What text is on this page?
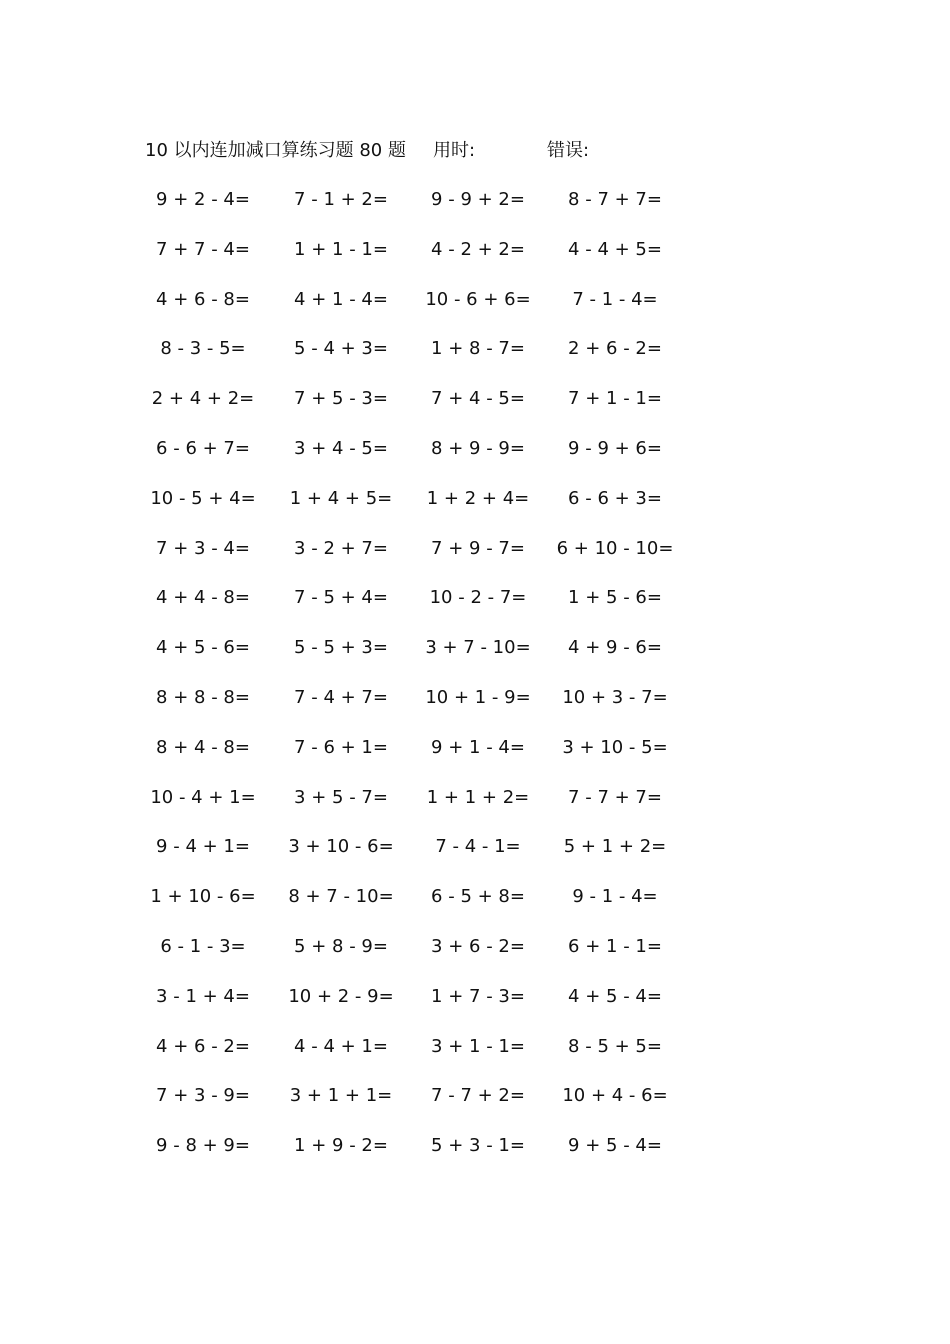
10 以内连加减口算练习题 80 题 用时:	错误:
9 + 2 - 4=	7 - 1 + 2=	9 - 9 + 2=	8 - 7 + 7=
7 + 7 - 4=	1 + 1 - 1=	4 - 2 + 2=	4 - 4 + 5=
4 + 6 - 8=	4 + 1 - 4=	10 - 6 + 6=	7 - 1 - 4=
8 - 3 - 5=	5 - 4 + 3=	1 + 8 - 7=	2 + 6 - 2=
2 + 4 + 2=	7 + 5 - 3=	7 + 4 - 5=	7 + 1 - 1=
6 - 6 + 7=	3 + 4 - 5=	8 + 9 - 9=	9 - 9 + 6=
10 - 5 + 4=	1 + 4 + 5=	1 + 2 + 4=	6 - 6 + 3=
7 + 3 - 4=	3 - 2 + 7=	7 + 9 - 7=	6 + 10 - 10=
4 + 4 - 8=	7 - 5 + 4=	10 - 2 - 7=	1 + 5 - 6=
4 + 5 - 6=	5 - 5 + 3=	3 + 7 - 10=	4 + 9 - 6=
8 + 8 - 8=	7 - 4 + 7=	10 + 1 - 9=	10 + 3 - 7=
8 + 4 - 8=	7 - 6 + 1=	9 + 1 - 4=	3 + 10 - 5=
10 - 4 + 1=	3 + 5 - 7=	1 + 1 + 2=	7 - 7 + 7=
9 - 4 + 1=	3 + 10 - 6=	7 - 4 - 1=	5 + 1 + 2=
1 + 10 - 6=	8 + 7 - 10=	6 - 5 + 8=	9 - 1 - 4=
6 - 1 - 3=	5 + 8 - 9=	3 + 6 - 2=	6 + 1 - 1=
3 - 1 + 4=	10 + 2 - 9=	1 + 7 - 3=	4 + 5 - 4=
4 + 6 - 2=	4 - 4 + 1=	3 + 1 - 1=	8 - 5 + 5=
7 + 3 - 9=	3 + 1 + 1=	7 - 7 + 2=	10 + 4 - 6=
9 - 8 + 9=	1 + 9 - 2=	5 + 3 - 1=	9 + 5 - 4=
